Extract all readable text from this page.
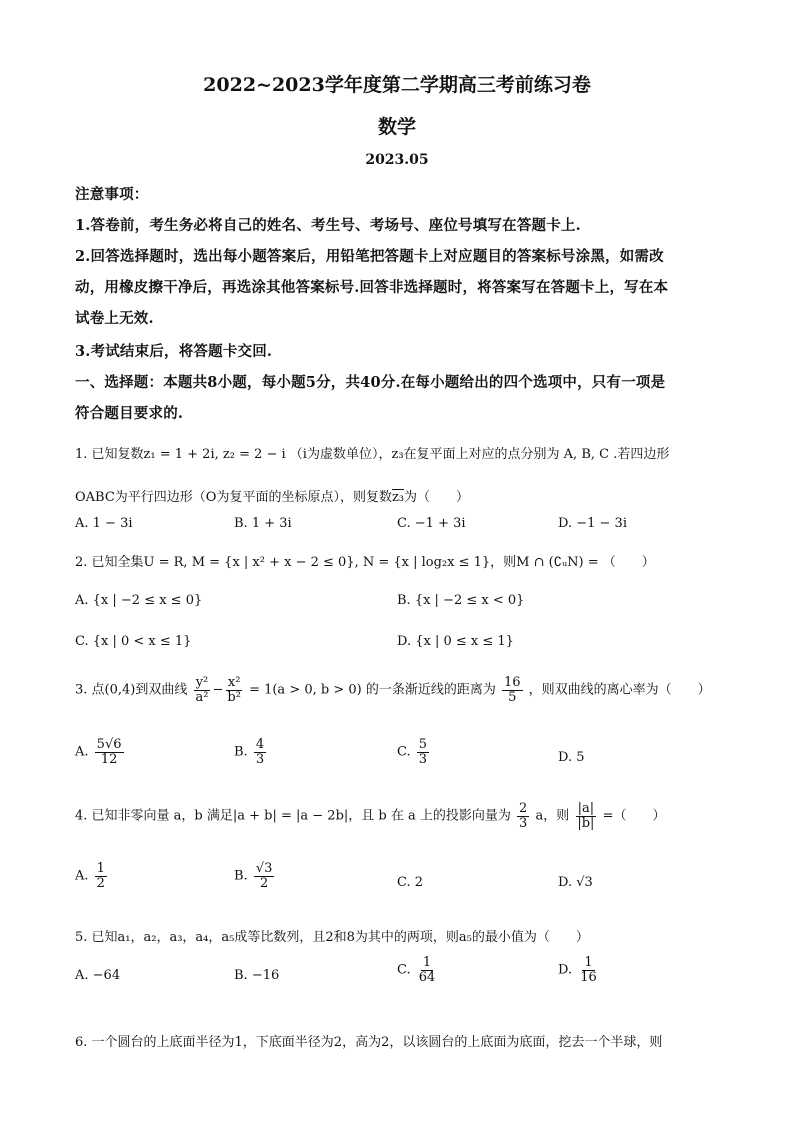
2022~2023学年度第二学期高三考前练习卷
数学
2023.05
注意事项：
1.答卷前，考生务必将自己的姓名、考生号、考场号、座位号填写在答题卡上.
2.回答选择题时，选出每小题答案后，用铅笔把答题卡上对应题目的答案标号涂黑，如需改
动，用橡皮擦干净后，再选涂其他答案标号.回答非选择题时，将答案写在答题卡上，写在本
试卷上无效.
3.考试结束后，将答题卡交回.
一、选择题：本题共8小题，每小题5分，共40分.在每小题给出的四个选项中，只有一项是
符合题目要求的.
1. 已知复数z₁ = 1 + 2i, z₂ = 2 − i （i为虚数单位），z₃在复平面上对应的点分别为 A, B, C .若四边形
OABC为平行四边形（O为复平面的坐标原点），则复数z₃为（　　）
A. 1 − 3i	B. 1 + 3i	C. −1 + 3i	D. −1 − 3i
2. 已知全集U = R, M = {x | x² + x − 2 ≤ 0}, N = {x | log₂x ≤ 1}，则M ∩ (∁ᵤN) = （　　）
A. {x | −2 ≤ x ≤ 0}	B. {x | −2 ≤ x < 0}
C. {x | 0 < x ≤ 1}	D. {x | 0 ≤ x ≤ 1}
3. 点(0,4)到双曲线 $\frac{\text{y²}}{\text{a²}} - \frac{\text{x²}}{\text{b²}} = 1(a > 0$, b > 0) 的一条渐近线的距离为 $\frac{16}{5}$ ，则双曲线的离心率为（　　）
A. $\frac{5√6}{12}$	B. $\frac{4}{3}$	C. $\frac{5}{3}$	D. 5
4. 已知非零向量 a，b 满足|a + b| = |a − 2b|，且 b 在 a 上的投影向量为 $\frac{2}{3}$ a，则 $\frac{|a|}{|b|}$ =（　　）
A. $\frac{1}{2}$	B. $\frac{√3}{2}$	C. 2	D. √3
5. 已知a₁，a₂，a₃，a₄，a₅成等比数列，且2和8为其中的两项，则a₅的最小值为（　　）
A. −64	B. −16	C. $\frac{1}{64}$	D. $\frac{1}{16}$
6. 一个圆台的上底面半径为1，下底面半径为2，高为2，以该圆台的上底面为底面，挖去一个半球，则
